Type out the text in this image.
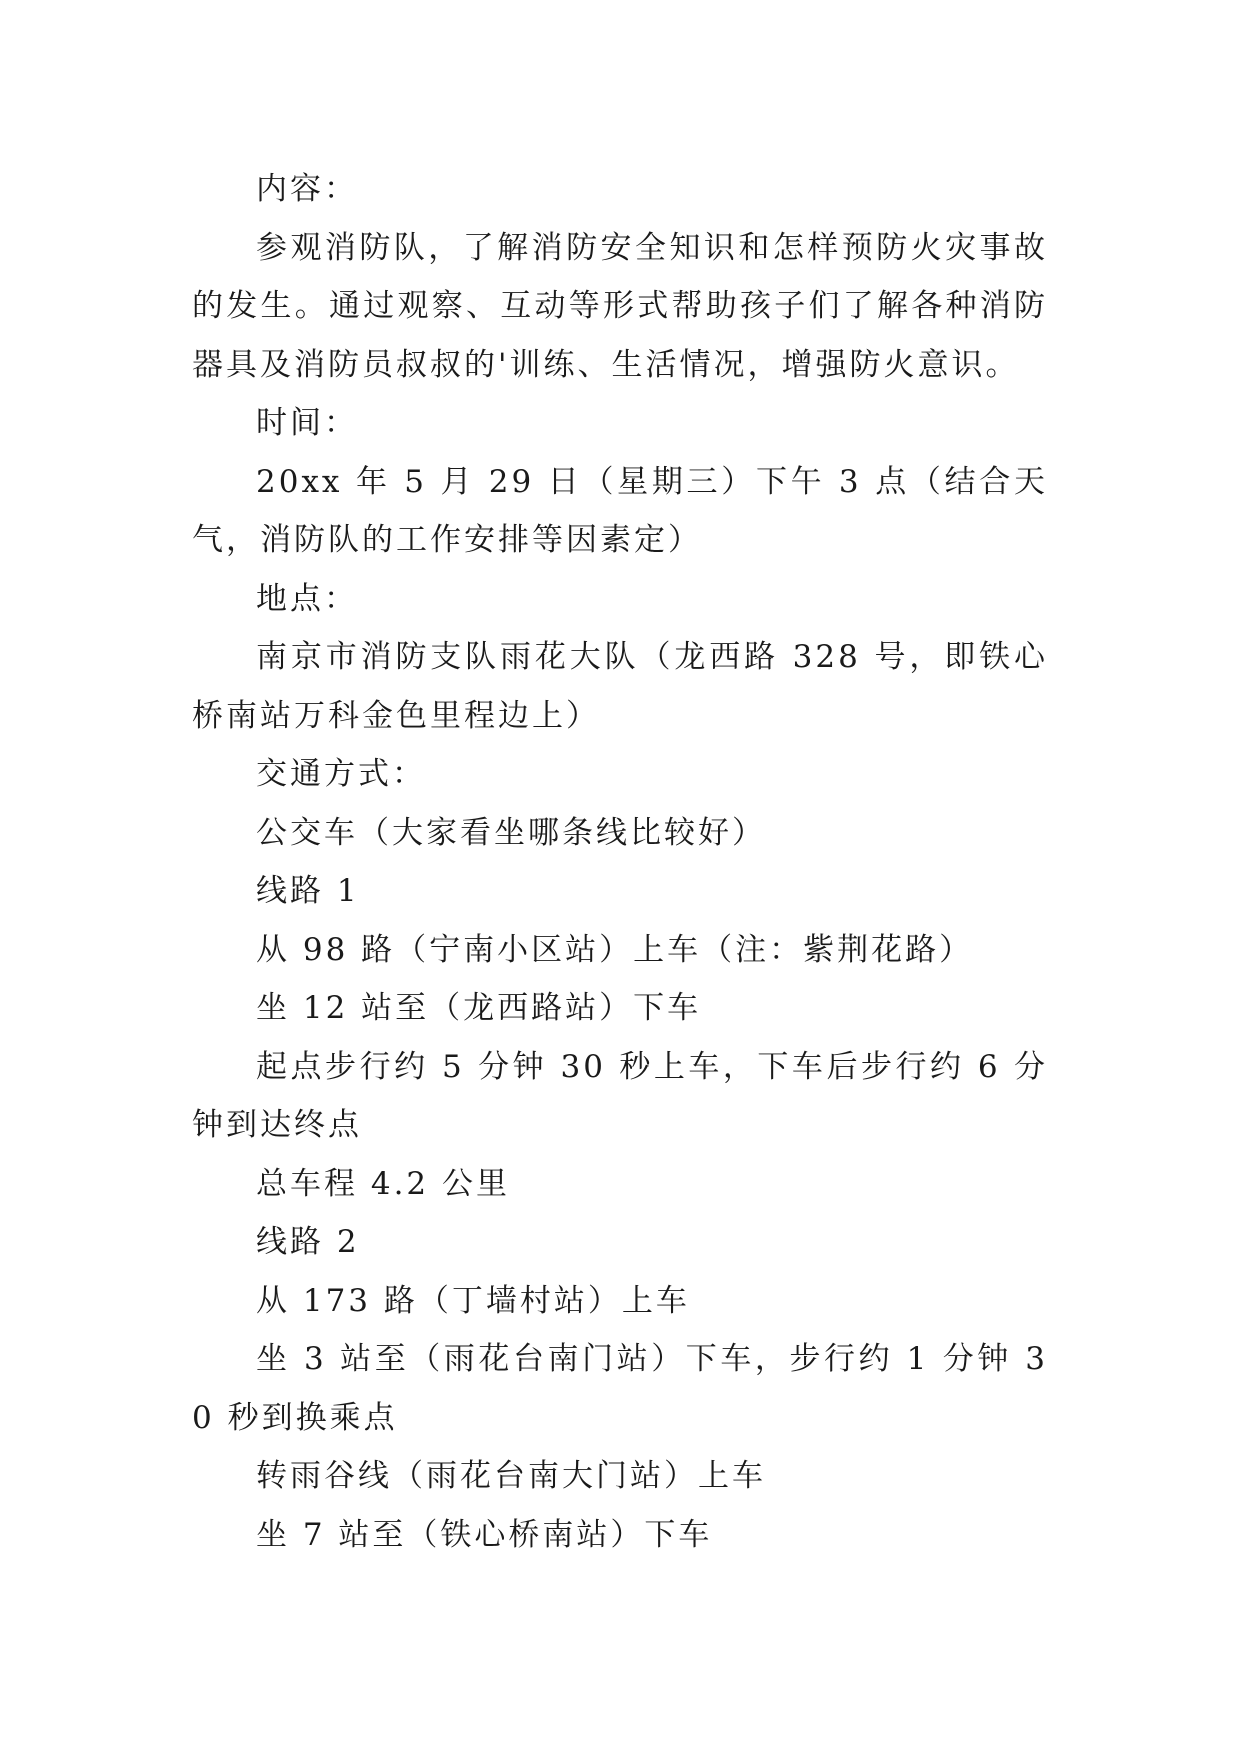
内容：

参观消防队，了解消防安全知识和怎样预防火灾事故的发生。通过观察、互动等形式帮助孩子们了解各种消防器具及消防员叔叔的'训练、生活情况，增强防火意识。

时间：

20xx 年 5 月 29 日（星期三）下午 3 点（结合天气，消防队的工作安排等因素定）

地点：

南京市消防支队雨花大队（龙西路 328 号，即铁心桥南站万科金色里程边上）

交通方式：

公交车（大家看坐哪条线比较好）

线路 1

从 98 路（宁南小区站）上车（注：紫荆花路）

坐 12 站至（龙西路站）下车

起点步行约 5 分钟 30 秒上车，下车后步行约 6 分钟到达终点

总车程 4.2 公里

线路 2

从 173 路（丁墙村站）上车

坐 3 站至（雨花台南门站）下车，步行约 1 分钟 30 秒到换乘点

转雨谷线（雨花台南大门站）上车

坐 7 站至（铁心桥南站）下车
